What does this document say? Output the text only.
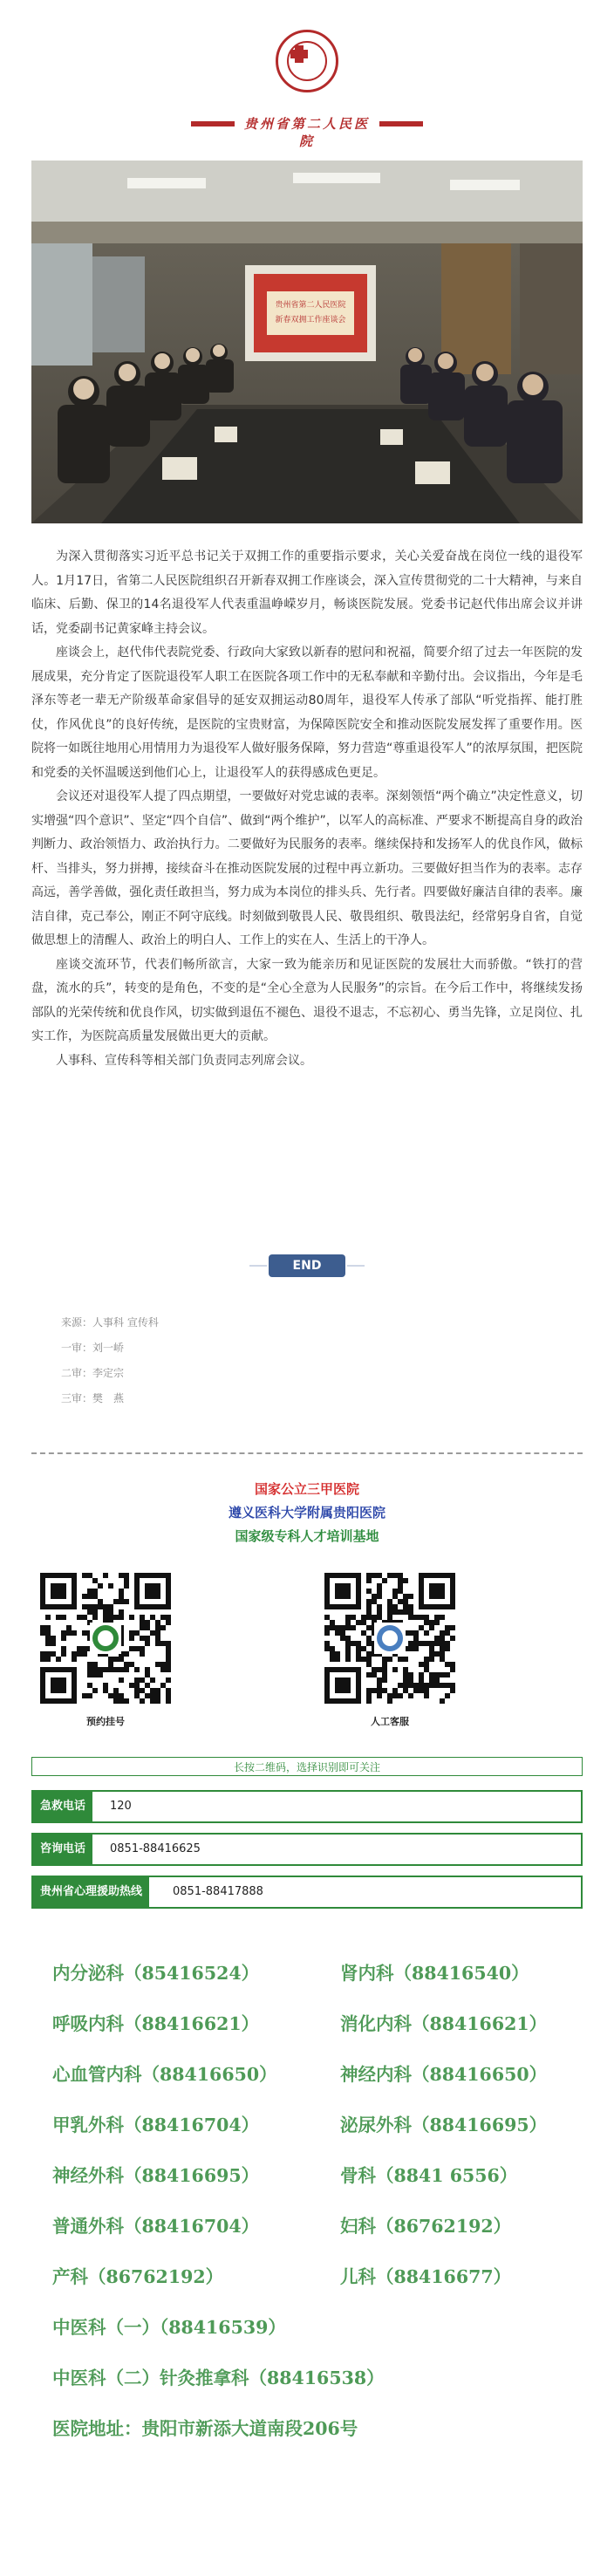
贵州省第二人民医院
贵州省第二人民医院
新春双拥工作座谈会

为深入贯彻落实习近平总书记关于双拥工作的重要指示要求，关心关爱奋战在岗位一线的退役军人。1月17日，省第二人民医院组织召开新春双拥工作座谈会，深入宣传贯彻党的二十大精神，与来自临床、后勤、保卫的14名退役军人代表重温峥嵘岁月，畅谈医院发展。党委书记赵代伟出席会议并讲话，党委副书记黄家峰主持会议。

座谈会上，赵代伟代表院党委、行政向大家致以新春的慰问和祝福，简要介绍了过去一年医院的发展成果，充分肯定了医院退役军人职工在医院各项工作中的无私奉献和辛勤付出。会议指出，今年是毛泽东等老一辈无产阶级革命家倡导的延安双拥运动80周年，退役军人传承了部队“听党指挥、能打胜仗，作风优良”的良好传统，是医院的宝贵财富，为保障医院安全和推动医院发展发挥了重要作用。医院将一如既往地用心用情用力为退役军人做好服务保障，努力营造“尊重退役军人”的浓厚氛围，把医院和党委的关怀温暖送到他们心上，让退役军人的获得感成色更足。

会议还对退役军人提了四点期望，一要做好对党忠诚的表率。深刻领悟“两个确立”决定性意义，切实增强“四个意识”、坚定“四个自信”、做到“两个维护”，以军人的高标准、严要求不断提高自身的政治判断力、政治领悟力、政治执行力。二要做好为民服务的表率。继续保持和发扬军人的优良作风，做标杆、当排头，努力拼搏，接续奋斗在推动医院发展的过程中再立新功。三要做好担当作为的表率。志存高远，善学善做，强化责任敢担当，努力成为本岗位的排头兵、先行者。四要做好廉洁自律的表率。廉洁自律，克己奉公，刚正不阿守底线。时刻做到敬畏人民、敬畏组织、敬畏法纪，经常躬身自省，自觉做思想上的清醒人、政治上的明白人、工作上的实在人、生活上的干净人。

座谈交流环节，代表们畅所欲言，大家一致为能亲历和见证医院的发展壮大而骄傲。“铁打的营盘，流水的兵”，转变的是角色，不变的是“全心全意为人民服务”的宗旨。在今后工作中，将继续发扬部队的光荣传统和优良作风，切实做到退伍不褪色、退役不退志，不忘初心、勇当先锋，立足岗位、扎实工作，为医院高质量发展做出更大的贡献。

人事科、宣传科等相关部门负责同志列席会议。

END
来源：人事科 宣传科
一审：刘一峤
二审：李定宗
三审：樊　燕
国家公立三甲医院
遵义医科大学附属贵阳医院
国家级专科人才培训基地
预约挂号	人工客服
长按二维码，选择识别即可关注
急救电话	120
咨询电话	0851-88416625
贵州省心理援助热线	0851-88417888
内分泌科（85416524）	肾内科（88416540）
呼吸内科（88416621）	消化内科（88416621）
心血管内科（88416650）	神经内科（88416650）
甲乳外科（88416704）	泌尿外科（88416695）
神经外科（88416695）	骨科（8841 6556）
普通外科（88416704）	妇科（86762192）
产科（86762192）	儿科（88416677）
中医科（一）（88416539）
中医科（二）针灸推拿科（88416538）
医院地址：贵阳市新添大道南段206号
